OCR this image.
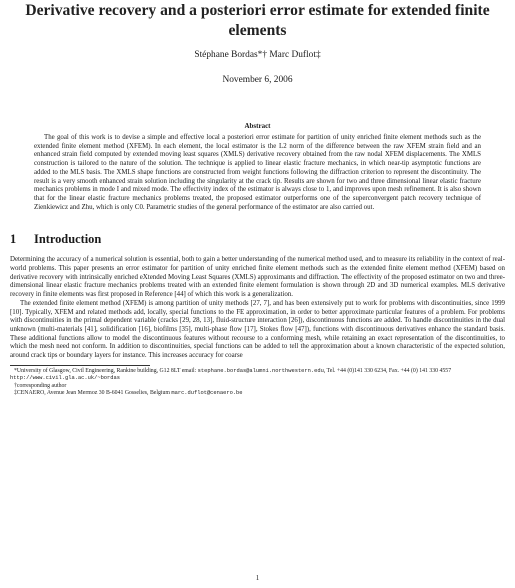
Derivative recovery and a posteriori error estimate for extended finite elements
Stéphane Bordas*† Marc Duflot‡
November 6, 2006
Abstract
The goal of this work is to devise a simple and effective local a posteriori error estimate for partition of unity enriched finite element methods such as the extended finite element method (XFEM). In each element, the local estimator is the L2 norm of the difference between the raw XFEM strain field and an enhanced strain field computed by extended moving least squares (XMLS) derivative recovery obtained from the raw nodal XFEM displacements. The XMLS construction is tailored to the nature of the solution. The technique is applied to linear elastic fracture mechanics, in which near-tip asymptotic functions are added to the MLS basis. The XMLS shape functions are constructed from weight functions following the diffraction criterion to represent the discontinuity. The result is a very smooth enhanced strain solution including the singularity at the crack tip. Results are shown for two and three dimensional linear elastic fracture mechanics problems in mode I and mixed mode. The effectivity index of the estimator is always close to 1, and improves upon mesh refinement. It is also shown that for the linear elastic fracture mechanics problems treated, the proposed estimator outperforms one of the superconvergent patch recovery technique of Zienkiewicz and Zhu, which is only C0. Parametric studies of the general performance of the estimator are also carried out.
1 Introduction

Determining the accuracy of a numerical solution is essential, both to gain a better understanding of the numerical method used, and to measure its reliability in the context of real-world problems. This paper presents an error estimator for partition of unity enriched finite element methods such as the extended finite element method (XFEM) based on derivative recovery with intrinsically enriched eXtended Moving Least Squares (XMLS) approximants and diffraction. The effectivity of the proposed estimator on two and three-dimensional linear elastic fracture mechanics problems treated with an extended finite element formulation is shown through 2D and 3D numerical examples. MLS derivative recovery in finite elements was first proposed in Reference [44] of which this work is a generalization.

The extended finite element method (XFEM) is among partition of unity methods [27, 7], and has been extensively put to work for problems with discontinuities, since 1999 [10]. Typically, XFEM and related methods add, locally, special functions to the FE approximation, in order to better approximate particular features of a problem. For problems with discontinuities in the primal dependent variable (cracks [29, 28, 13], fluid-structure interaction [26]), discontinuous functions are added. To handle discontinuities in the dual unknown (multi-materials [41], solidification [16], biofilms [35], multi-phase flow [17], Stokes flow [47]), functions with discontinuous derivatives enhance the standard basis. These additional functions allow to model the discontinuous features without recourse to a conforming mesh, while retaining an exact representation of the discontinuities, to which the mesh need not conform. In addition to discontinuities, special functions can be added to tell the approximation about a known characteristic of the expected solution, around crack tips or boundary layers for instance. This increases accuracy for coarse

*University of Glasgow, Civil Engineering, Rankine building, G12 8LT email: stephane.bordas@alumni.northwestern.edu, Tel. +44 (0)141 330 6234, Fax. +44 (0) 141 330 4557 http://www.civil.gla.ac.uk/~bordas
†corresponding author
‡CENAERO, Avenue Jean Mermoz 30 B-6041 Gosselies, Belgium marc.duflot@cenaero.be
1
